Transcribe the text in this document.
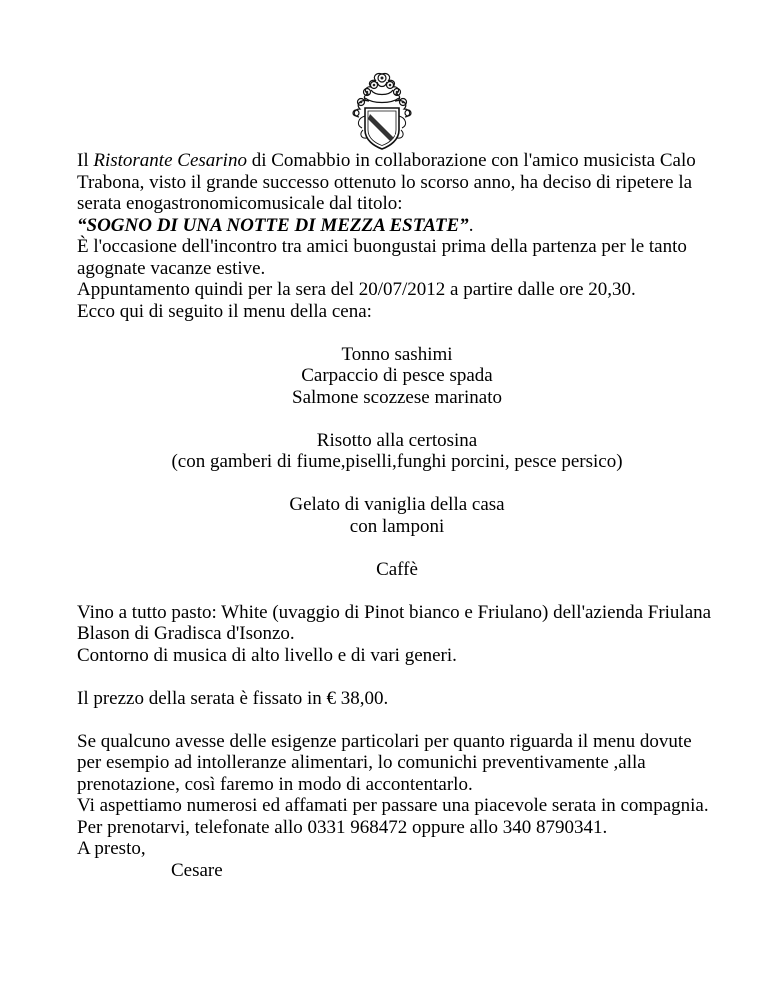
Il Ristorante Cesarino di Comabbio in collaborazione con l'amico musicista Calo Trabona, visto il grande successo ottenuto lo scorso anno, ha deciso di ripetere la serata enogastronomicomusicale dal titolo:

“SOGNO DI UNA NOTTE DI MEZZA ESTATE”.

È l'occasione dell'incontro tra amici buongustai prima della partenza per le tanto agognate vacanze estive.

Appuntamento quindi per la sera del 20/07/2012 a partire dalle ore 20,30.

Ecco qui di seguito il menu della cena:

Tonno sashimi

Carpaccio di pesce spada

Salmone scozzese marinato

Risotto alla certosina

(con gamberi di fiume,piselli,funghi porcini, pesce persico)

Gelato di vaniglia della casa

con lamponi

Caffè

Vino a tutto pasto: White (uvaggio di Pinot bianco e Friulano) dell'azienda Friulana Blason di Gradisca d'Isonzo.

Contorno di musica di alto livello e di vari generi.

Il prezzo della serata è fissato in € 38,00.

Se qualcuno avesse delle esigenze particolari per quanto riguarda il menu dovute per esempio ad intolleranze alimentari, lo comunichi preventivamente ,alla prenotazione, così faremo in modo di accontentarlo.

Vi aspettiamo numerosi ed affamati per passare una piacevole serata in compagnia. Per prenotarvi, telefonate allo 0331 968472 oppure allo 340 8790341.

A presto,

Cesare
